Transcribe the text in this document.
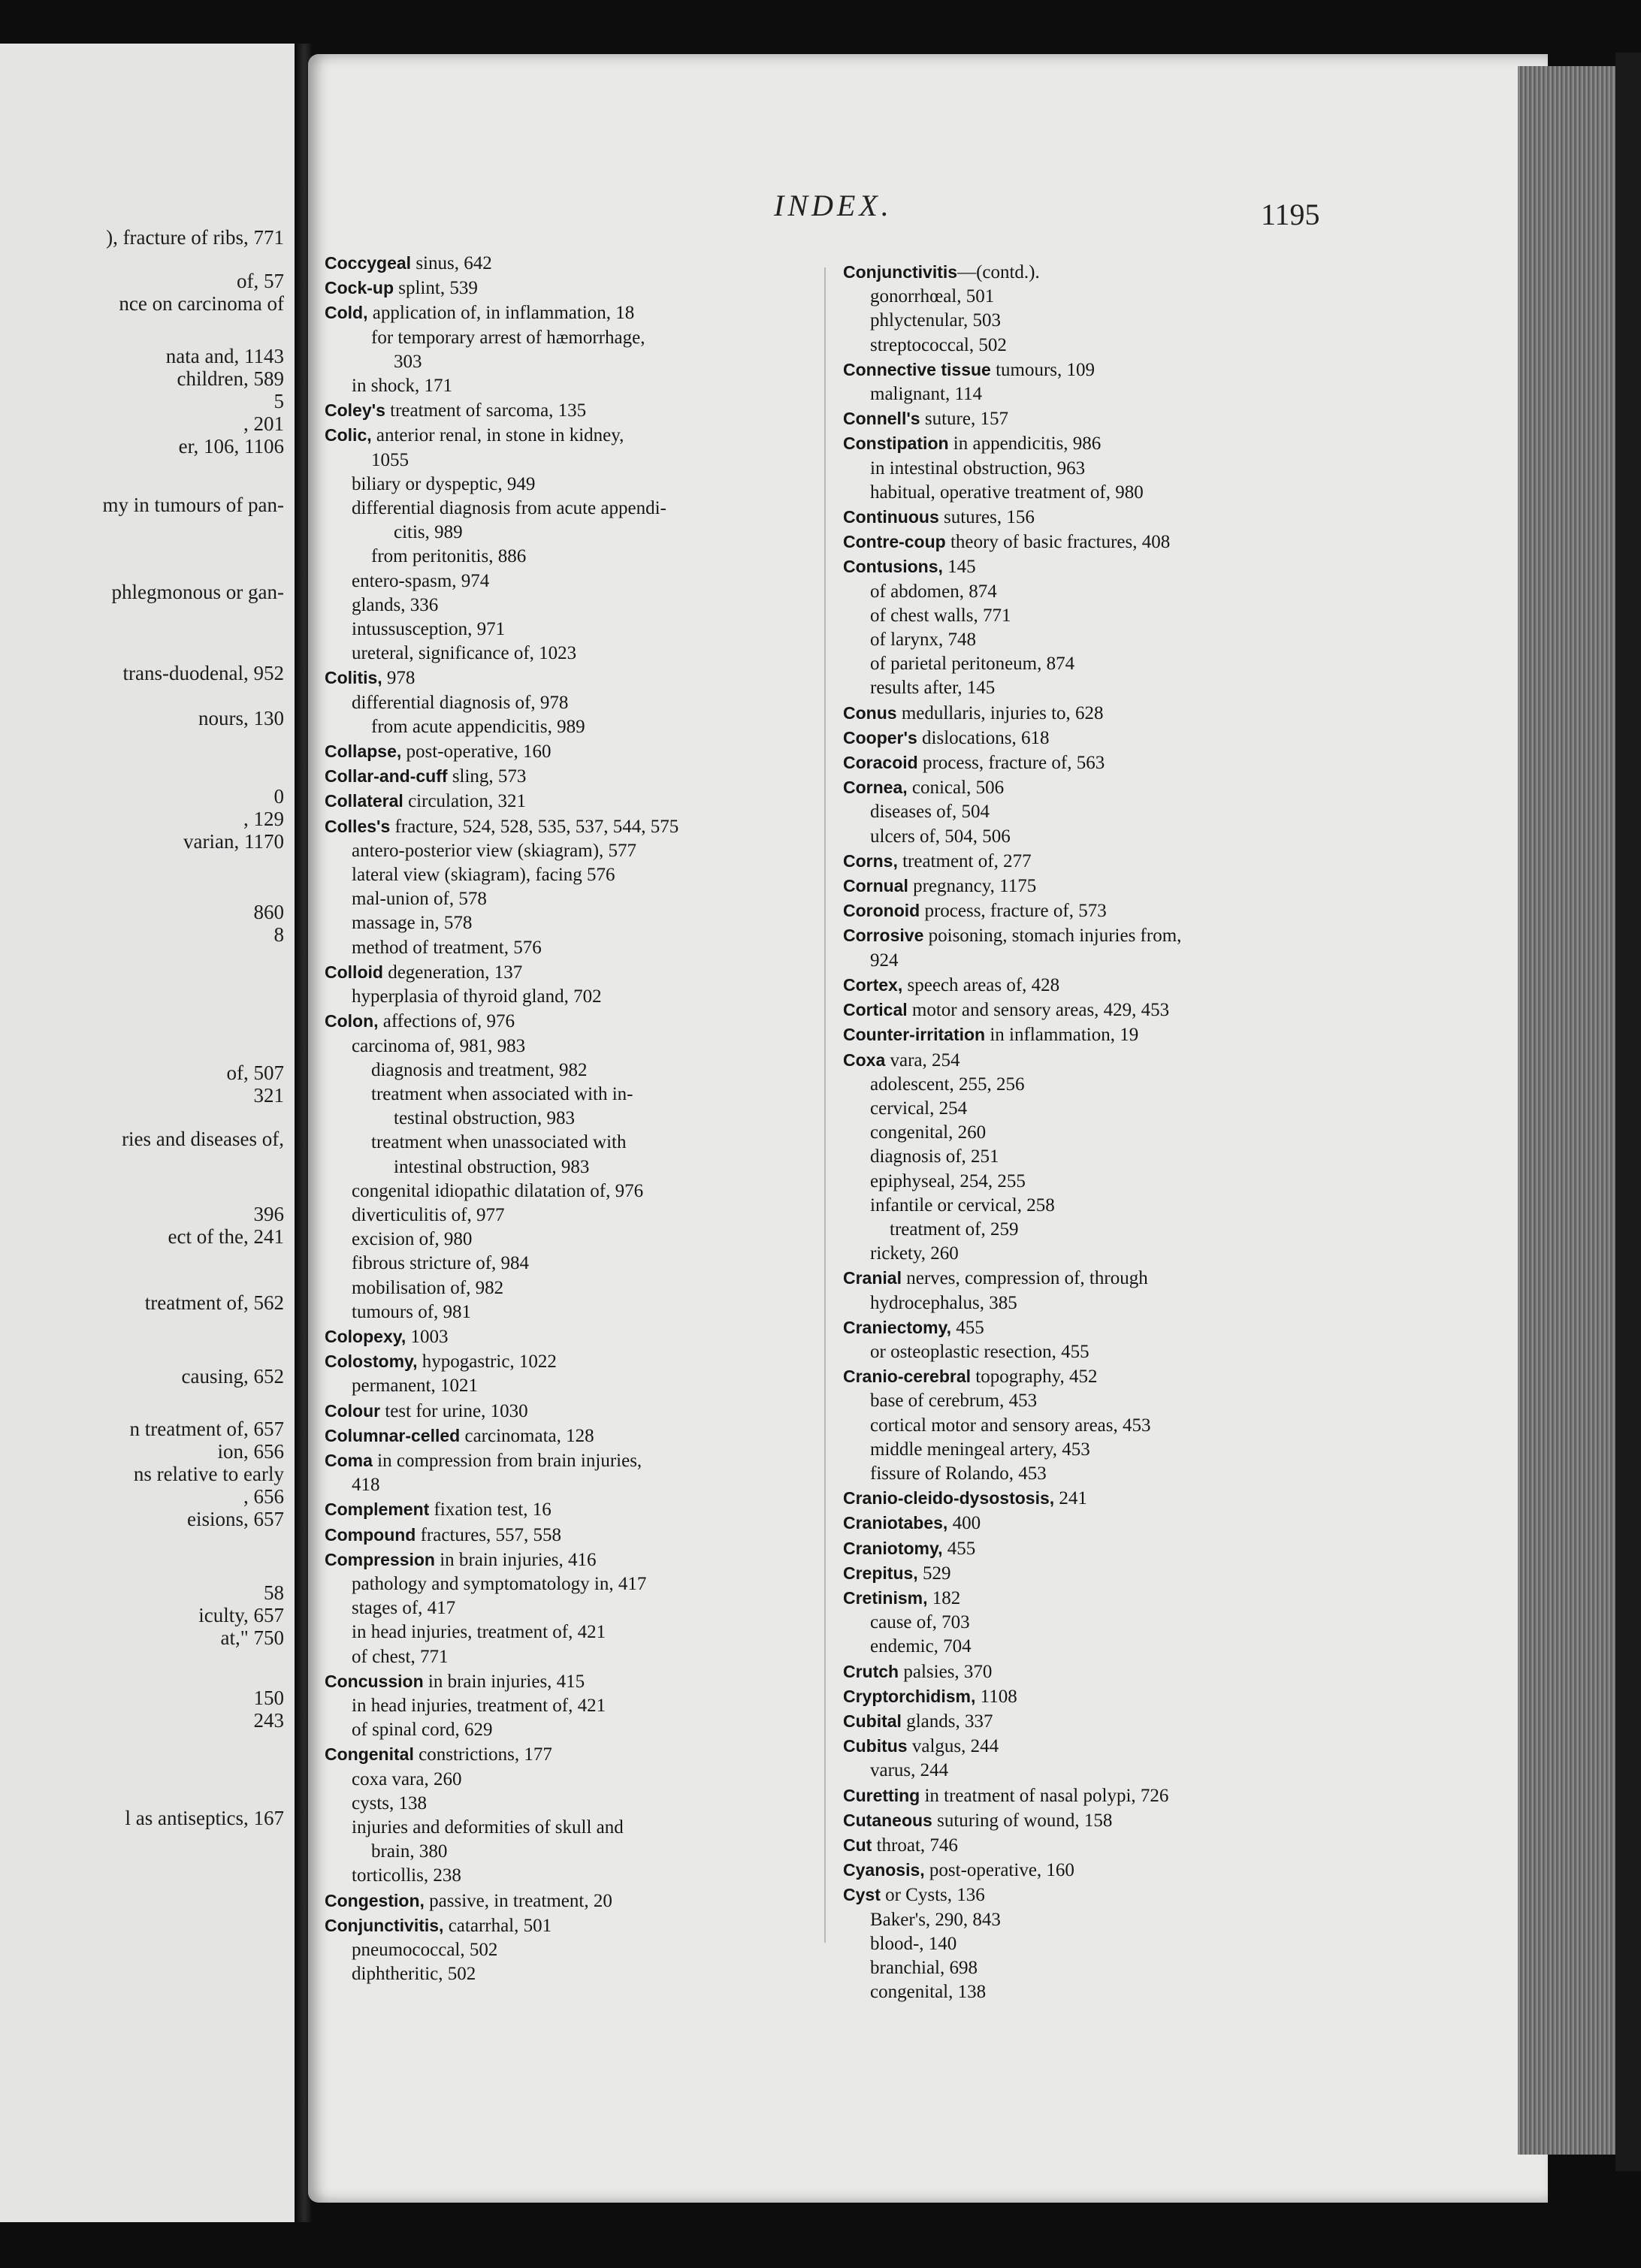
), fracture of ribs, 771
of, 57
nce on carcinoma of
nata and, 1143
children, 589
5
, 201
er, 106, 1106
my in tumours of pan-
phlegmonous or gan-
trans-duodenal, 952
nours, 130
0
, 129
varian, 1170
860
8
of, 507
321
ries and diseases of,
396
ect of the, 241
treatment of, 562
causing, 652
n treatment of, 657
ion, 656
ns relative to early
, 656
eisions, 657
58
iculty, 657
at," 750
150
243
l as antiseptics, 167
INDEX.	1195
Coccygeal sinus, 642
Cock-up splint, 539
Cold, application of, in inflammation, 18
for temporary arrest of hæmorrhage,
303
in shock, 171
Coley's treatment of sarcoma, 135
Colic, anterior renal, in stone in kidney,
1055
biliary or dyspeptic, 949
differential diagnosis from acute appendi-
citis, 989
from peritonitis, 886
entero-spasm, 974
glands, 336
intussusception, 971
ureteral, significance of, 1023
Colitis, 978
differential diagnosis of, 978
from acute appendicitis, 989
Collapse, post-operative, 160
Collar-and-cuff sling, 573
Collateral circulation, 321
Colles's fracture, 524, 528, 535, 537, 544, 575
antero-posterior view (skiagram), 577
lateral view (skiagram), facing 576
mal-union of, 578
massage in, 578
method of treatment, 576
Colloid degeneration, 137
hyperplasia of thyroid gland, 702
Colon, affections of, 976
carcinoma of, 981, 983
diagnosis and treatment, 982
treatment when associated with in-
testinal obstruction, 983
treatment when unassociated with
intestinal obstruction, 983
congenital idiopathic dilatation of, 976
diverticulitis of, 977
excision of, 980
fibrous stricture of, 984
mobilisation of, 982
tumours of, 981
Colopexy, 1003
Colostomy, hypogastric, 1022
permanent, 1021
Colour test for urine, 1030
Columnar-celled carcinomata, 128
Coma in compression from brain injuries,
418
Complement fixation test, 16
Compound fractures, 557, 558
Compression in brain injuries, 416
pathology and symptomatology in, 417
stages of, 417
in head injuries, treatment of, 421
of chest, 771
Concussion in brain injuries, 415
in head injuries, treatment of, 421
of spinal cord, 629
Congenital constrictions, 177
coxa vara, 260
cysts, 138
injuries and deformities of skull and
brain, 380
torticollis, 238
Congestion, passive, in treatment, 20
Conjunctivitis, catarrhal, 501
pneumococcal, 502
diphtheritic, 502
Conjunctivitis—(contd.).
gonorrhœal, 501
phlyctenular, 503
streptococcal, 502
Connective tissue tumours, 109
malignant, 114
Connell's suture, 157
Constipation in appendicitis, 986
in intestinal obstruction, 963
habitual, operative treatment of, 980
Continuous sutures, 156
Contre-coup theory of basic fractures, 408
Contusions, 145
of abdomen, 874
of chest walls, 771
of larynx, 748
of parietal peritoneum, 874
results after, 145
Conus medullaris, injuries to, 628
Cooper's dislocations, 618
Coracoid process, fracture of, 563
Cornea, conical, 506
diseases of, 504
ulcers of, 504, 506
Corns, treatment of, 277
Cornual pregnancy, 1175
Coronoid process, fracture of, 573
Corrosive poisoning, stomach injuries from,
924
Cortex, speech areas of, 428
Cortical motor and sensory areas, 429, 453
Counter-irritation in inflammation, 19
Coxa vara, 254
adolescent, 255, 256
cervical, 254
congenital, 260
diagnosis of, 251
epiphyseal, 254, 255
infantile or cervical, 258
treatment of, 259
rickety, 260
Cranial nerves, compression of, through
hydrocephalus, 385
Craniectomy, 455
or osteoplastic resection, 455
Cranio-cerebral topography, 452
base of cerebrum, 453
cortical motor and sensory areas, 453
middle meningeal artery, 453
fissure of Rolando, 453
Cranio-cleido-dysostosis, 241
Craniotabes, 400
Craniotomy, 455
Crepitus, 529
Cretinism, 182
cause of, 703
endemic, 704
Crutch palsies, 370
Cryptorchidism, 1108
Cubital glands, 337
Cubitus valgus, 244
varus, 244
Curetting in treatment of nasal polypi, 726
Cutaneous suturing of wound, 158
Cut throat, 746
Cyanosis, post-operative, 160
Cyst or Cysts, 136
Baker's, 290, 843
blood-, 140
branchial, 698
congenital, 138
